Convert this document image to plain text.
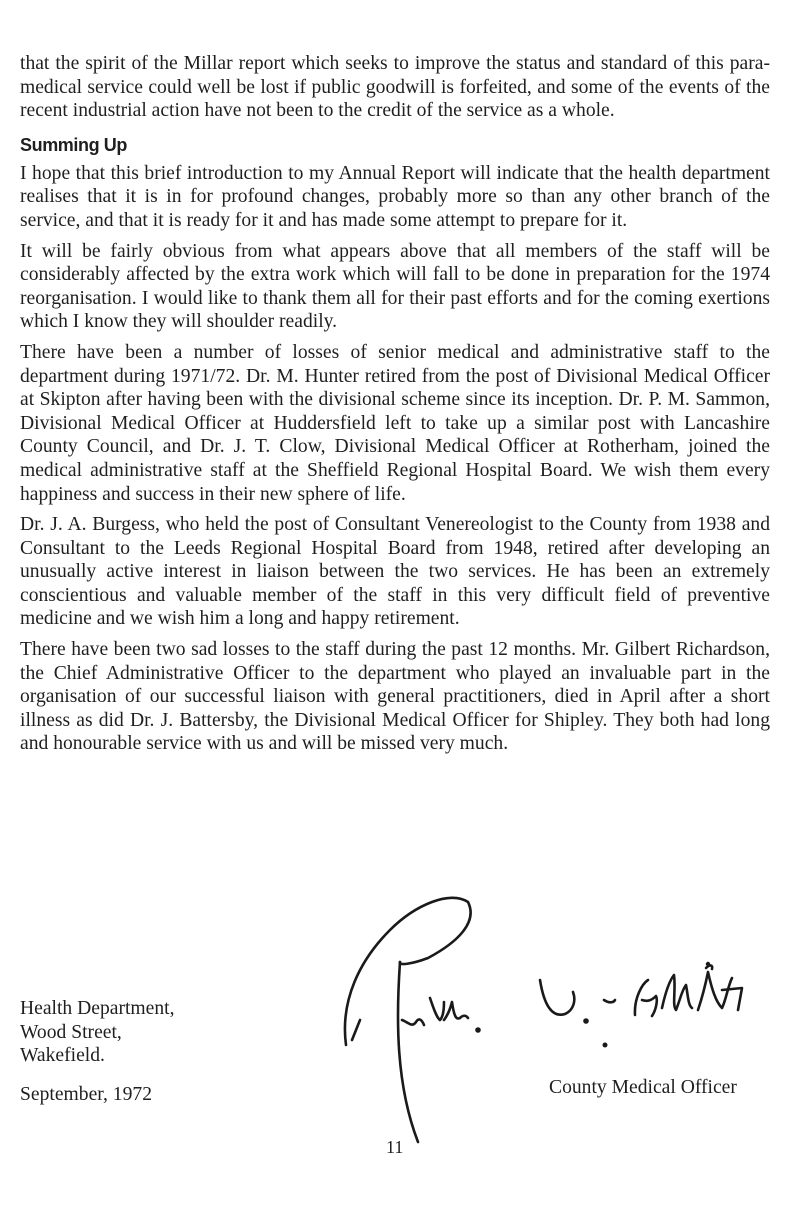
that the spirit of the Millar report which seeks to improve the status and standard of this para-medical service could well be lost if public goodwill is forfeited, and some of the events of the recent industrial action have not been to the credit of the service as a whole.

Summing Up

I hope that this brief introduction to my Annual Report will indicate that the health department realises that it is in for profound changes, probably more so than any other branch of the service, and that it is ready for it and has made some attempt to prepare for it.

It will be fairly obvious from what appears above that all members of the staff will be considerably affected by the extra work which will fall to be done in preparation for the 1974 reorganisation. I would like to thank them all for their past efforts and for the coming exertions which I know they will shoulder readily.

There have been a number of losses of senior medical and administrative staff to the department during 1971/72. Dr. M. Hunter retired from the post of Divisional Medical Officer at Skipton after having been with the divisional scheme since its inception. Dr. P. M. Sammon, Divisional Medical Officer at Huddersfield left to take up a similar post with Lancashire County Council, and Dr. J. T. Clow, Divisional Medical Officer at Rotherham, joined the medical administrative staff at the Sheffield Regional Hospital Board. We wish them every happiness and success in their new sphere of life.

Dr. J. A. Burgess, who held the post of Consultant Venereologist to the County from 1938 and Consultant to the Leeds Regional Hospital Board from 1948, retired after developing an unusually active interest in liaison between the two services. He has been an extremely conscientious and valuable member of the staff in this very difficult field of preventive medicine and we wish him a long and happy retirement.

There have been two sad losses to the staff during the past 12 months. Mr. Gilbert Richardson, the Chief Administrative Officer to the department who played an invaluable part in the organisation of our successful liaison with general practitioners, died in April after a short illness as did Dr. J. Battersby, the Divisional Medical Officer for Shipley. They both had long and honourable service with us and will be missed very much.

Health Department,
Wood Street,
Wakefield.
September, 1972	County Medical Officer
11
